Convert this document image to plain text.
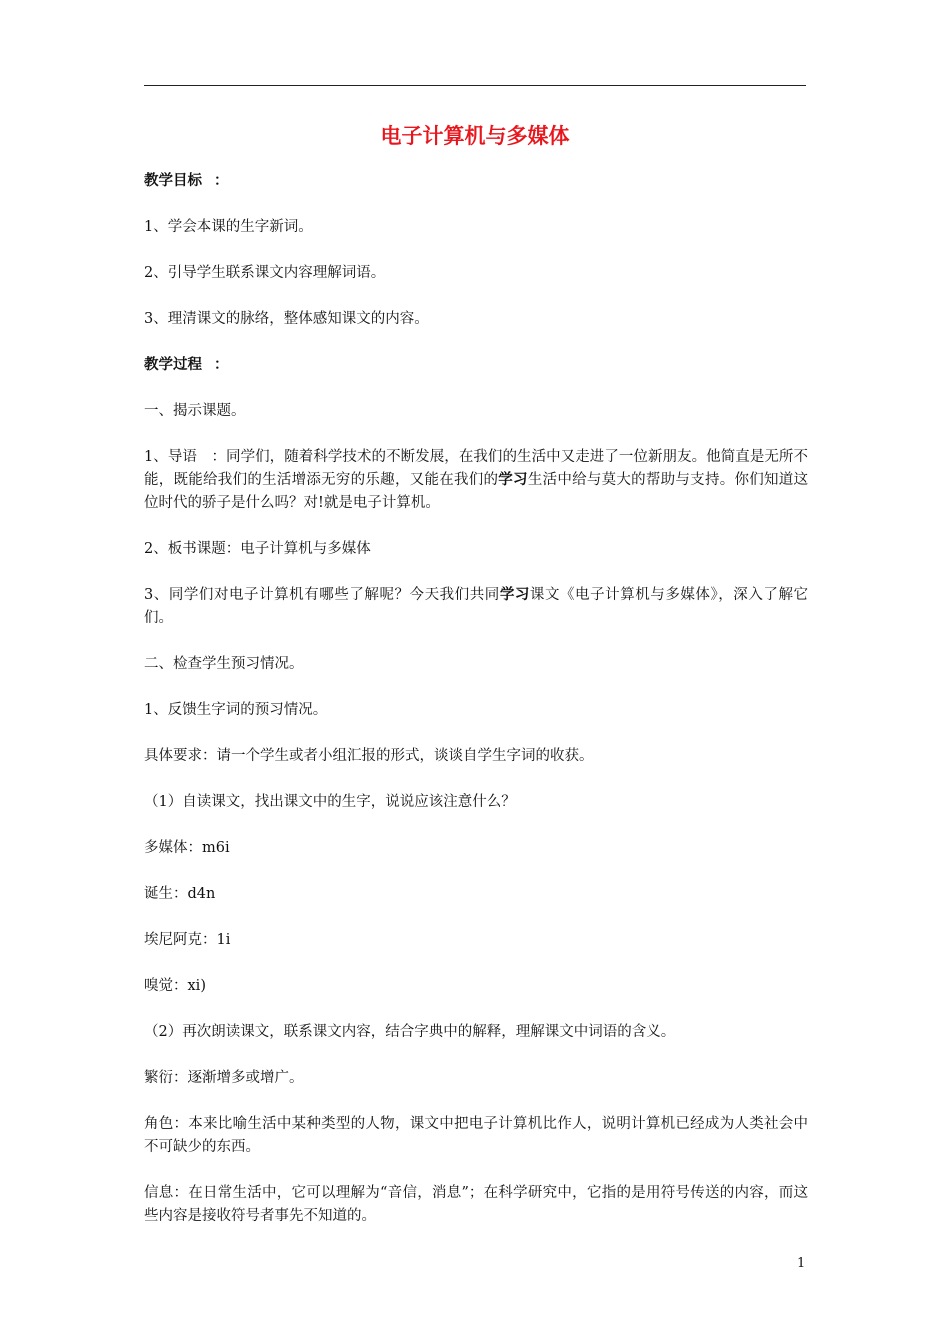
电子计算机与多媒体

教学目标 ：

1、学会本课的生字新词。

2、引导学生联系课文内容理解词语。

3、理清课文的脉络，整体感知课文的内容。

教学过程 ：

一、揭示课题。

1、导语　：同学们，随着科学技术的不断发展，在我们的生活中又走进了一位新朋友。他简直是无所不能，既能给我们的生活增添无穷的乐趣，又能在我们的学习生活中给与莫大的帮助与支持。你们知道这位时代的骄子是什么吗？对!就是电子计算机。

2、板书课题：电子计算机与多媒体

3、同学们对电子计算机有哪些了解呢？今天我们共同学习课文《电子计算机与多媒体》，深入了解它们。

二、检查学生预习情况。

1、反馈生字词的预习情况。

具体要求：请一个学生或者小组汇报的形式，谈谈自学生字词的收获。

（1）自读课文，找出课文中的生字，说说应该注意什么？

多媒体：m6i

诞生：d4n

埃尼阿克：1i

嗅觉：xi)

（2）再次朗读课文，联系课文内容，结合字典中的解释，理解课文中词语的含义。

繁衍：逐渐增多或增广。

角色：本来比喻生活中某种类型的人物，课文中把电子计算机比作人，说明计算机已经成为人类社会中不可缺少的东西。

信息：在日常生活中，它可以理解为“音信，消息”；在科学研究中，它指的是用符号传送的内容，而这些内容是接收符号者事先不知道的。

1
